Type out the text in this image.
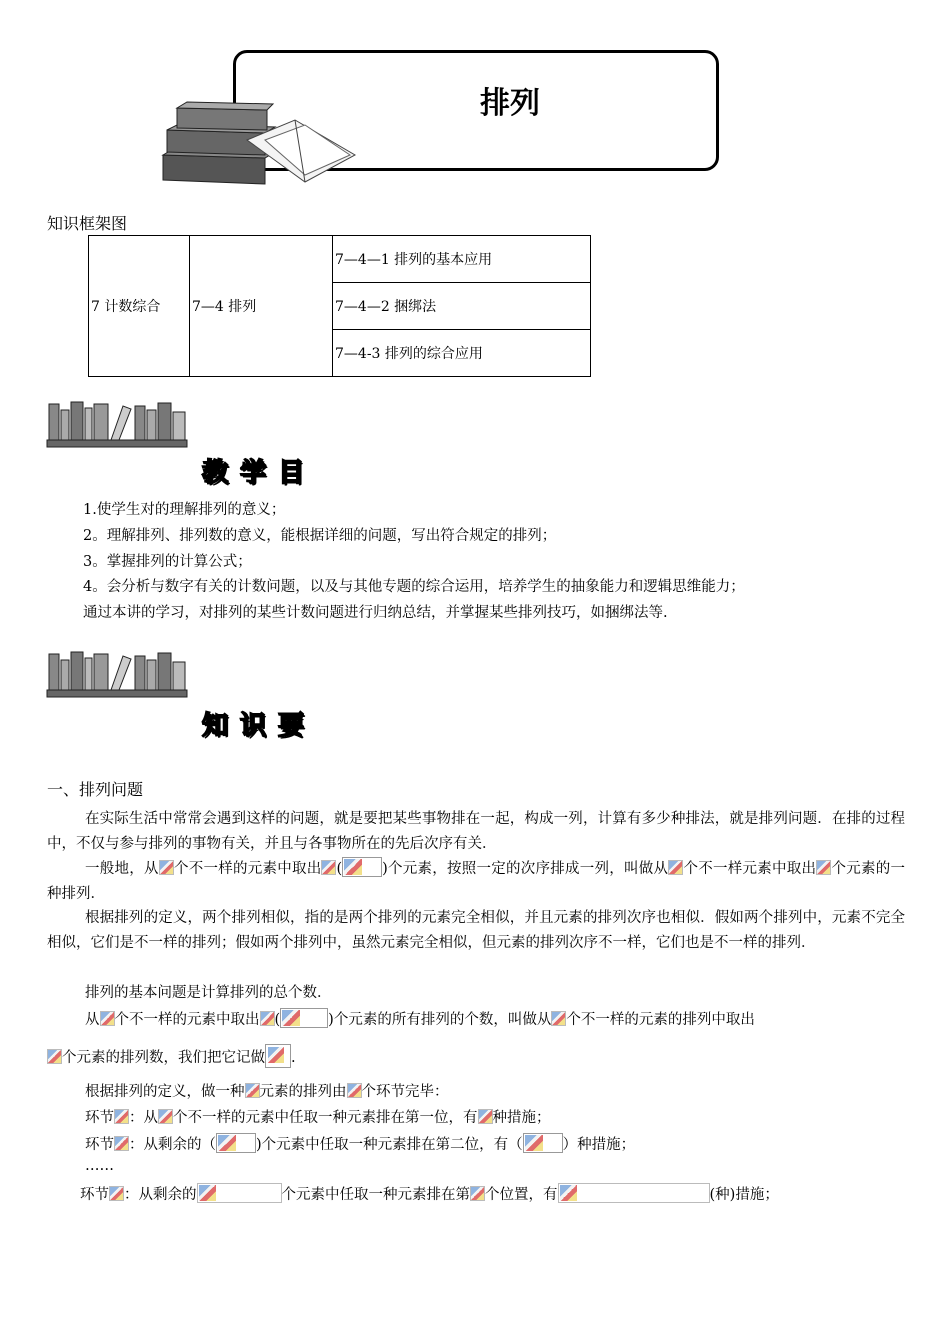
排列
知识框架图
7 计数综合	7—4 排列	7—4—1 排列的基本应用
7—4—2 捆绑法
7—4-3 排列的综合应用
教学目
1.使学生对的理解排列的意义；
2。理解排列、排列数的意义，能根据详细的问题，写出符合规定的排列；
3。掌握排列的计算公式；
4。会分析与数字有关的计数问题，以及与其他专题的综合运用，培养学生的抽象能力和逻辑思维能力；
通过本讲的学习，对排列的某些计数问题进行归纳总结，并掌握某些排列技巧，如捆绑法等.
知识要
一、排列问题
在实际生活中常常会遇到这样的问题，就是要把某些事物排在一起，构成一列，计算有多少种排法，就是排列问题．在排的过程中，不仅与参与排列的事物有关，并且与各事物所在的先后次序有关．
一般地，从 个不一样的元素中取出 (	)个元素，按照一定的次序排成一列，叫做从 个不一样元素中取出 个元素的一种排列．
根据排列的定义，两个排列相似，指的是两个排列的元素完全相似，并且元素的排列次序也相似．假如两个排列中，元素不完全相似，它们是不一样的排列；假如两个排列中，虽然元素完全相似，但元素的排列次序不一样，它们也是不一样的排列．
排列的基本问题是计算排列的总个数．
从 个不一样的元素中取出 (	)个元素的所有排列的个数，叫做从 个不一样的元素的排列中取出
个元素的排列数，我们把它记做 .
根据排列的定义，做一种 元素的排列由 个环节完毕：
环节 ：从 个不一样的元素中任取一种元素排在第一位，有 种措施；
环节 ：从剩余的（	)个元素中任取一种元素排在第二位，有（	）种措施；
……
环节 ：从剩余的	个元素中任取一种元素排在第 个位置，有	(种)措施；
